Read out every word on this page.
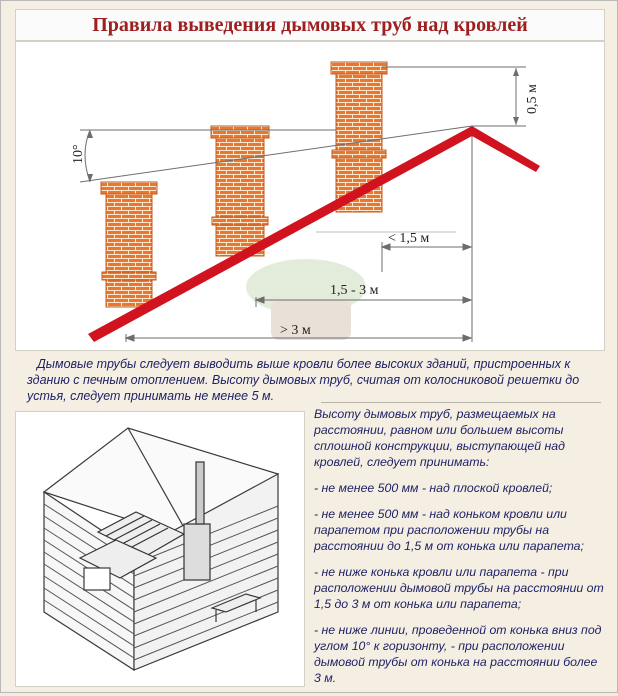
Правила выведения дымовых труб над кровлей
10°
0,5 м
< 1,5 м
1,5 - 3 м
> 3 м
Дымовые трубы следует выводить выше кровли более высоких зданий, пристроенных к зданию с печным отоплением. Высоту дымовых труб, считая от колосниковой решетки до устья, следует принимать не менее 5 м.

Высоту дымовых труб, размещаемых на расстоянии, равном или большем высоты сплошной конструкции, выступающей над кровлей, следует принимать:

- не менее 500 мм - над плоской кровлей;

- не менее 500 мм - над коньком кровли или парапетом при расположении трубы на расстоянии до 1,5 м от конька или парапета;

- не ниже конька кровли или парапета - при расположении дымовой трубы на расстоянии от 1,5 до 3 м от конька или парапета;

- не ниже линии, проведенной от конька вниз под углом 10° к горизонту, - при расположении дымовой трубы от конька на расстоянии более 3 м.
